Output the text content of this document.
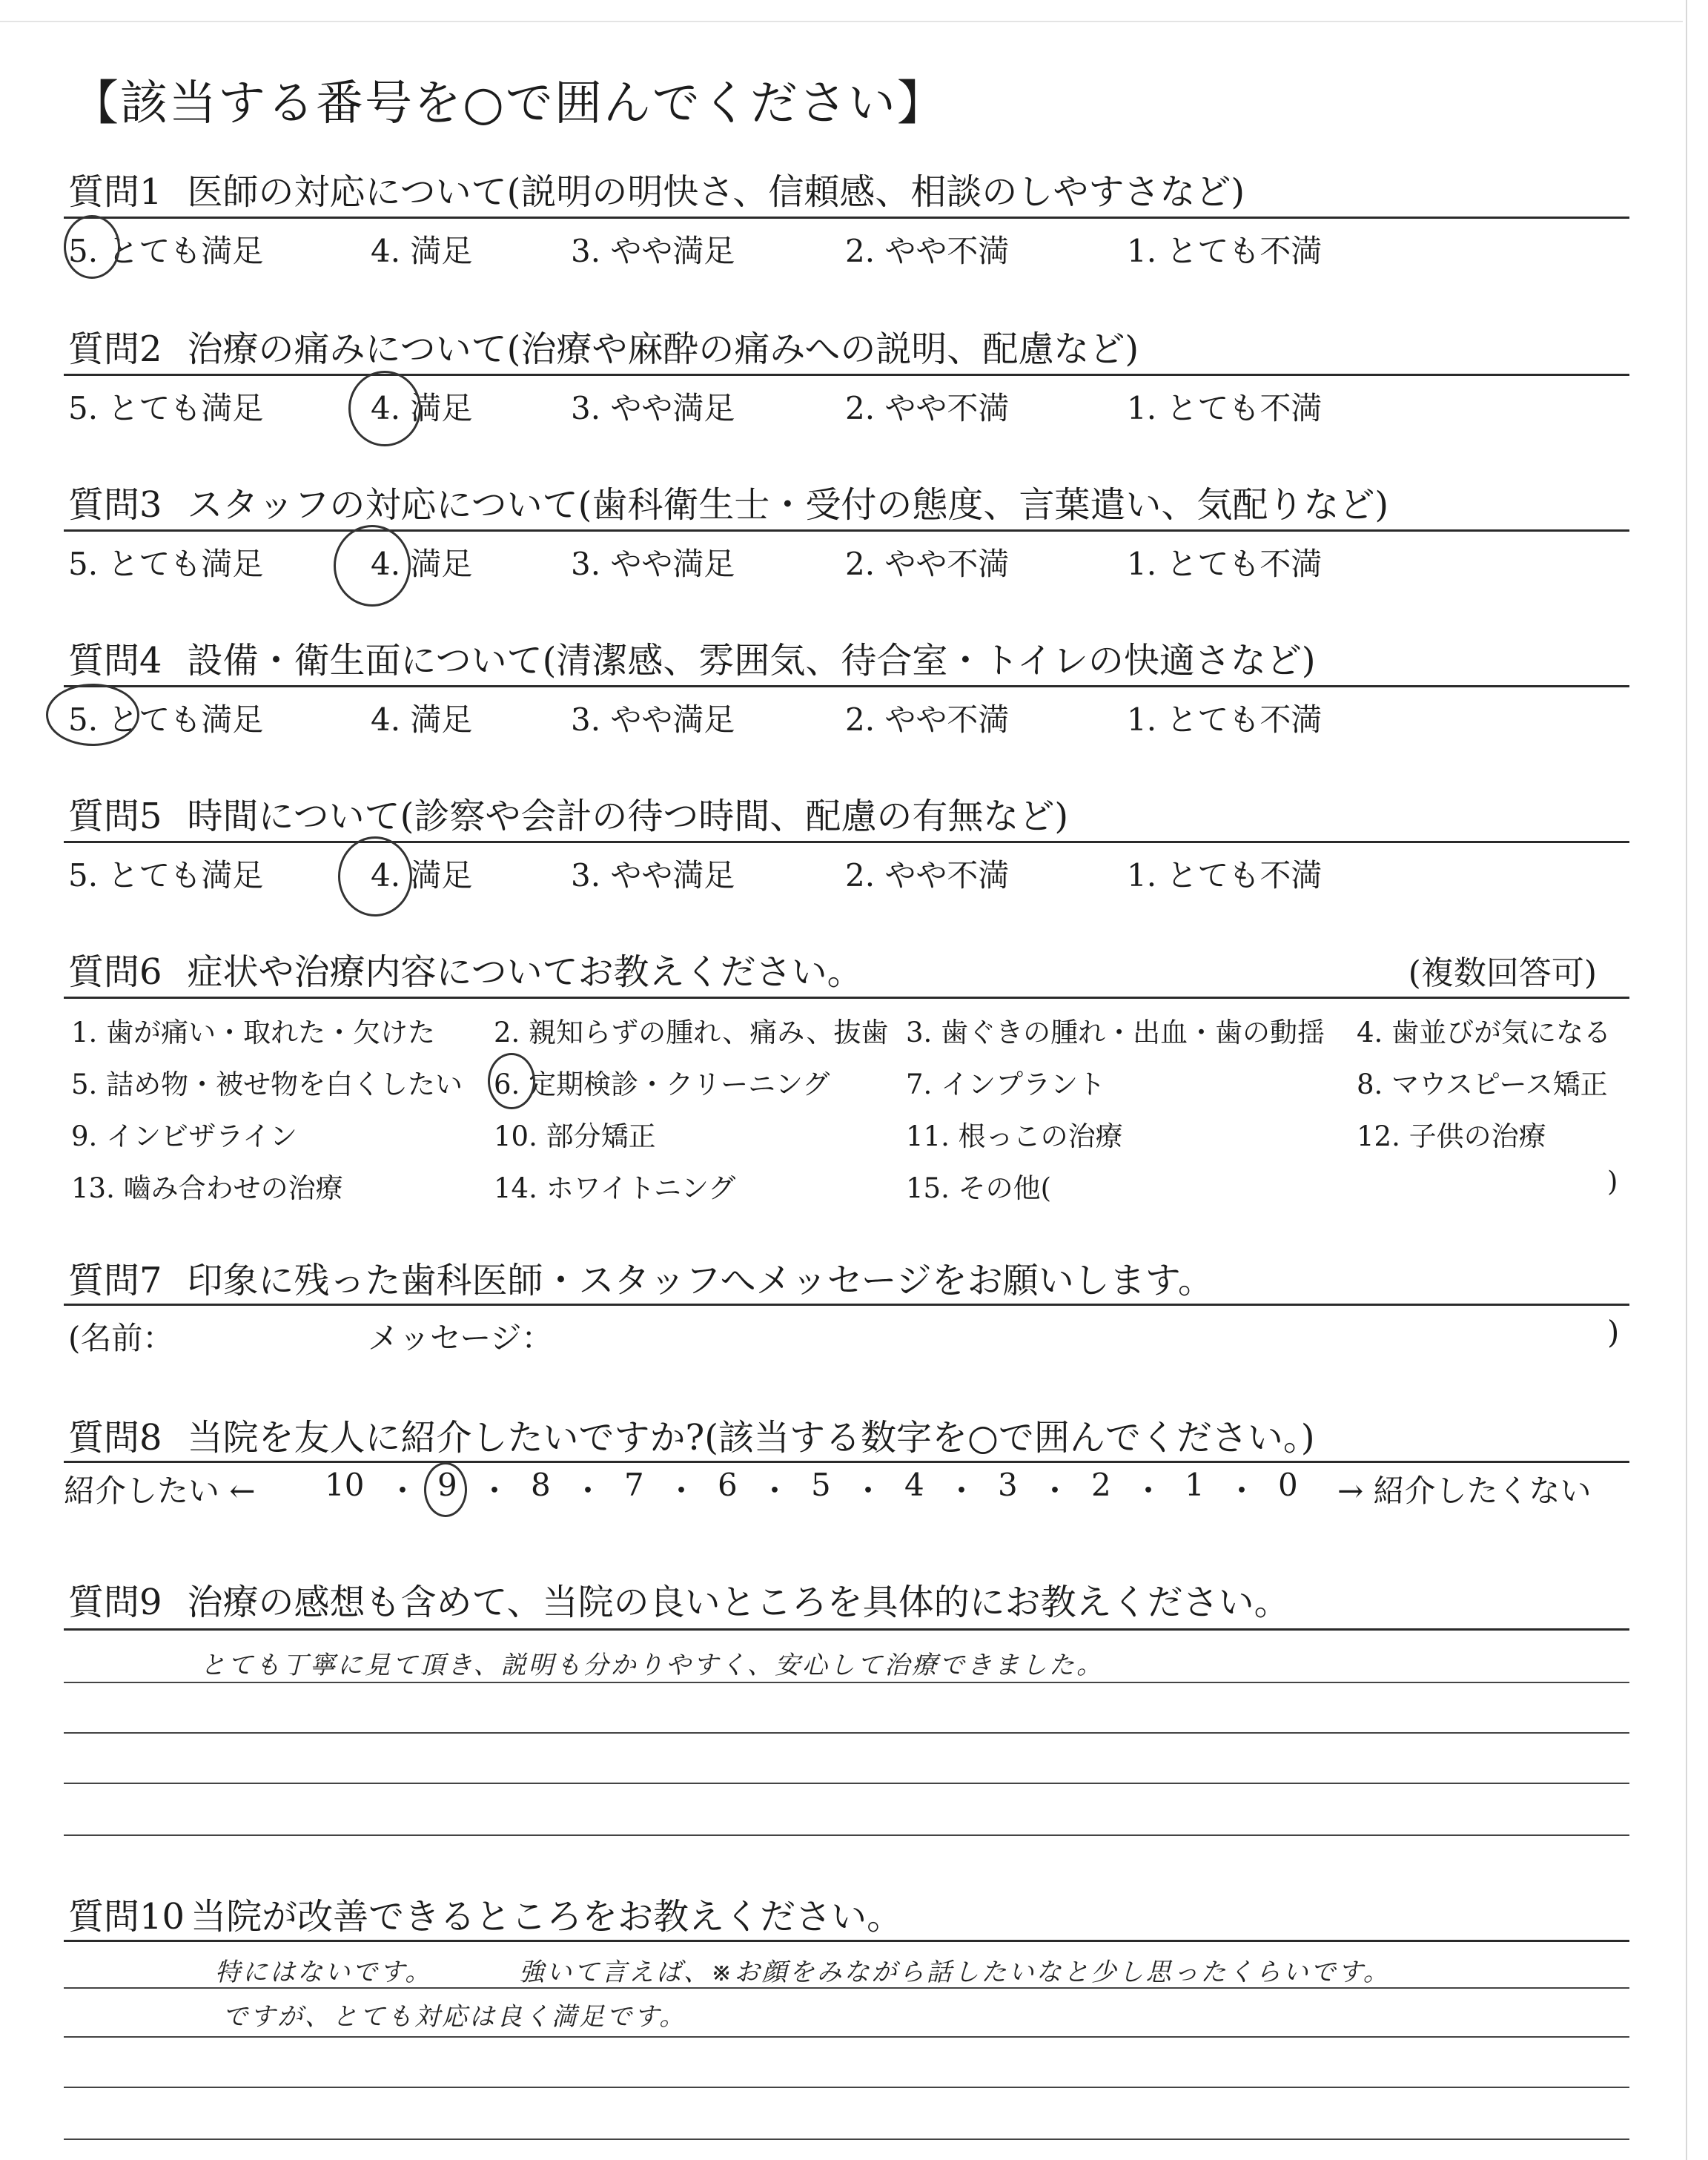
【該当する番号を○で囲んでください】
質問1 医師の対応について(説明の明快さ、信頼感、相談のしやすさなど)
5. とても満足	4. 満足	3. やや満足	2. やや不満	1. とても不満
質問2 治療の痛みについて(治療や麻酔の痛みへの説明、配慮など)
5. とても満足	4. 満足	3. やや満足	2. やや不満	1. とても不満
質問3 スタッフの対応について(歯科衛生士・受付の態度、言葉遣い、気配りなど)
5. とても満足	4. 満足	3. やや満足	2. やや不満	1. とても不満
質問4 設備・衛生面について(清潔感、雰囲気、待合室・トイレの快適さなど)
5. とても満足	4. 満足	3. やや満足	2. やや不満	1. とても不満
質問5 時間について(診察や会計の待つ時間、配慮の有無など)
5. とても満足	4. 満足	3. やや満足	2. やや不満	1. とても不満
質問6 症状や治療内容についてお教えください。	(複数回答可)
1. 歯が痛い・取れた・欠けた 2. 親知らずの腫れ、痛み、抜歯 3. 歯ぐきの腫れ・出血・歯の動揺 4. 歯並びが気になる
5. 詰め物・被せ物を白くしたい 6. 定期検診・クリーニング	7. インプラント	8. マウスピース矯正
9. インビザライン	10. 部分矯正	11. 根っこの治療	12. 子供の治療
13. 嚙み合わせの治療	14. ホワイトニング	15. その他(	)
質問7 印象に残った歯科医師・スタッフへメッセージをお願いします。
(名前：	メッセージ：	)
質問8 当院を友人に紹介したいですか?(該当する数字を○で囲んでください。)
紹介したい ← 10 ・ 9 ・ 8 ・ 7 ・ 6 ・ 5 ・ 4 ・ 3 ・ 2 ・ 1 ・ 0 → 紹介したくない
質問9 治療の感想も含めて、当院の良いところを具体的にお教えください。
とても丁寧に見て頂き、説明も分かりやすく、安心して治療できました。
質問10 当院が改善できるところをお教えください。
特にはないです。	強いて言えば、※お顔をみながら話したいなと少し思ったくらいです。
ですが、とても対応は良く満足です。
